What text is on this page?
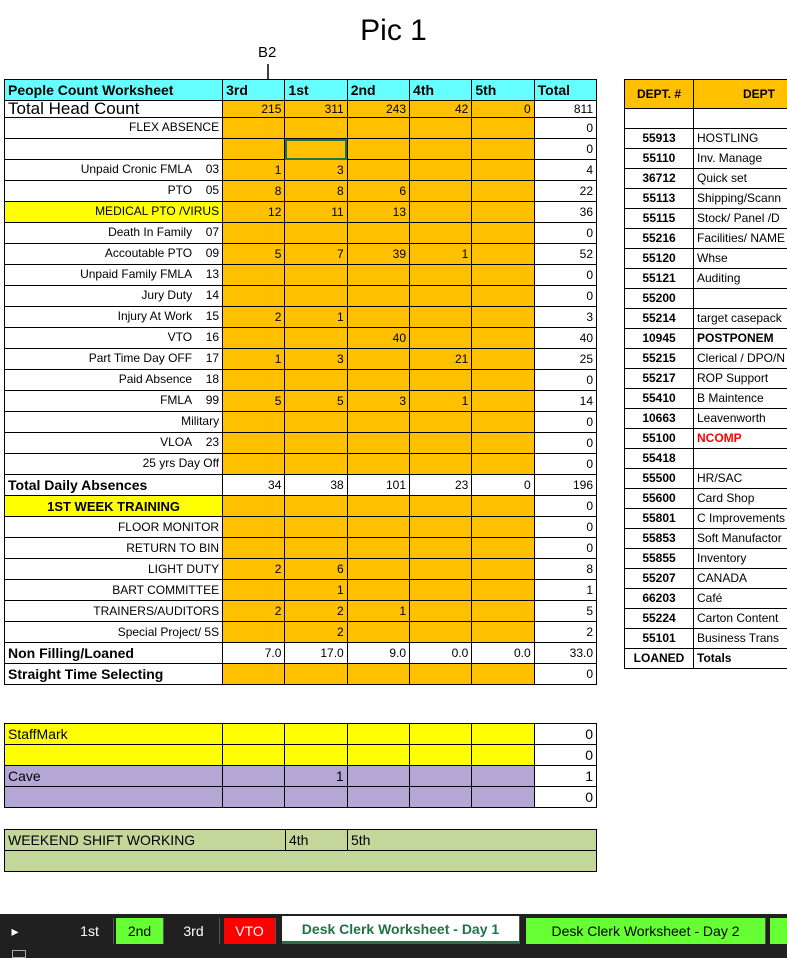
Pic 1
B2
People Count Worksheet	3rd	1st	2nd	4th	5th	Total
Total Head Count	215	311	243	42	0	811

FLEX ABSENCE						0

						0

Unpaid Cronic FMLA 03	1	3				4

PTO 05	8	8	6			22

MEDICAL PTO /VIRUS	12	11	13			36

Death In Family 07						0

Accoutable PTO 09	5	7	39	1		52

Unpaid Family FMLA 13						0

Jury Duty 14						0

Injury At Work 15	2	1				3

VTO 16			40			40

Part Time Day OFF 17	1	3		21		25

Paid Absence 18						0

FMLA 99	5	5	3	1		14

Military						0

VLOA 23						0

25 yrs Day Off						0
Total Daily Absences	34	38	101	23	0	196
1ST WEEK TRAINING						0
FLOOR MONITOR						0
RETURN TO BIN						0
LIGHT DUTY	2	6				8
BART COMMITTEE		1				1
TRAINERS/AUDITORS	2	2	1			5
Special Project/ 5S		2				2
Non Filling/Loaned	7.0	17.0	9.0	0.0	0.0	33.0
Straight Time Selecting						0
StaffMark						0
						0
Cave		1				1
						0
WEEKEND SHIFT WORKING	4th	5th

DEPT. #	DEPT

55913	HOSTLING
55110	Inv. Manage
36712	Quick set
55113	Shipping/Scann
55115	Stock/ Panel /D
55216	Facilities/ NAME
55120	Whse
55121	Auditing
55200	
55214	target casepack
10945	POSTPONEM
55215	Clerical / DPO/N
55217	ROP Support
55410	B Maintence
10663	Leavenworth
55100	NCOMP
55418	
55500	HR/SAC
55600	Card Shop
55801	C Improvements
55853	Soft Manufactor
55855	Inventory
55207	CANADA
66203	Café
55224	Carton Content
55101	Business Trans
LOANED	Totals
▸	1st	2nd	3rd	VTO	Desk Clerk Worksheet - Day 1	Desk Clerk Worksheet - Day 2
